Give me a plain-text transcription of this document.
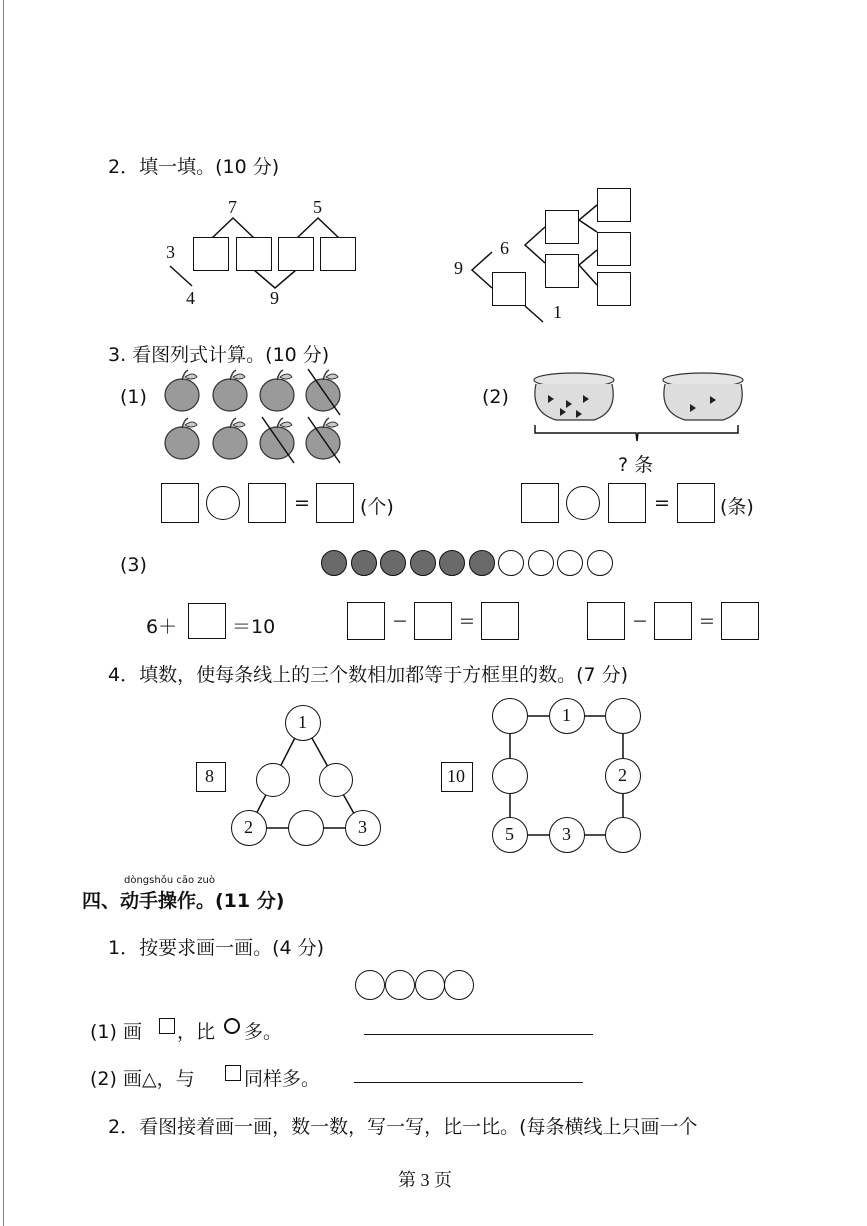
2．填一填。(10 分)
7	5
3
4	9
9
6
1
3. 看图列式计算。(10 分)
(1)	(2)
? 条
=	(个)	=	(条)
(3)
6＋	＝10	−	=	−	=
4．填数，使每条线上的三个数相加都等于方框里的数。(7 分)
8
1
2	3
10
1
2
5	3
dòngshǒu cāo zuò
四、动手操作。(11 分)
1．按要求画一画。(4 分)
(1) 画 ，比 多。
(2) 画△，与	同样多。
2．看图接着画一画，数一数，写一写，比一比。(每条横线上只画一个
第 3 页
